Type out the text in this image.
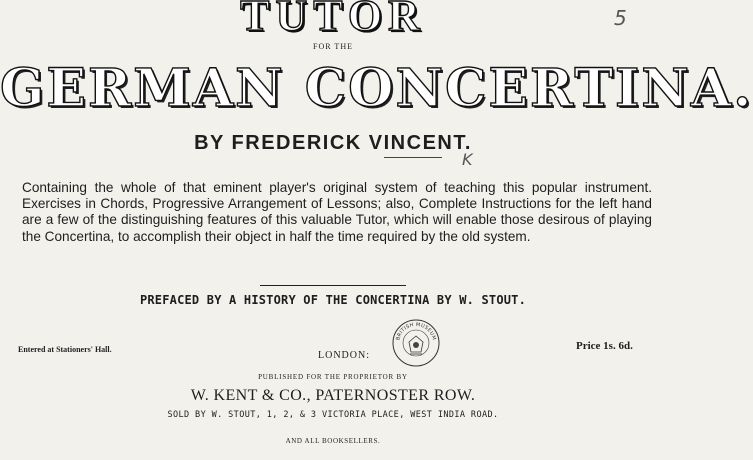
5
TUTOR
FOR THE
GERMAN CONCERTINA.
BY FREDERICK VINCENT.
K
Containing the whole of that eminent player's original system of teaching this popular instrument. Exercises in Chords, Progressive Arrangement of Lessons; also, Complete Instructions for the left hand are a few of the distinguishing features of this valuable Tutor, which will enable those desirous of playing the Concertina, to accomplish their object in half the time required by the old system.
PREFACED BY A HISTORY OF THE CONCERTINA BY W. STOUT.
Entered at Stationers' Hall.	Price 1s. 6d.
LONDON:
BRITISH MUSEUM
PUBLISHED FOR THE PROPRIETOR BY
W. KENT & CO., PATERNOSTER ROW.
SOLD BY W. STOUT, 1, 2, & 3 VICTORIA PLACE, WEST INDIA ROAD.
AND ALL BOOKSELLERS.
